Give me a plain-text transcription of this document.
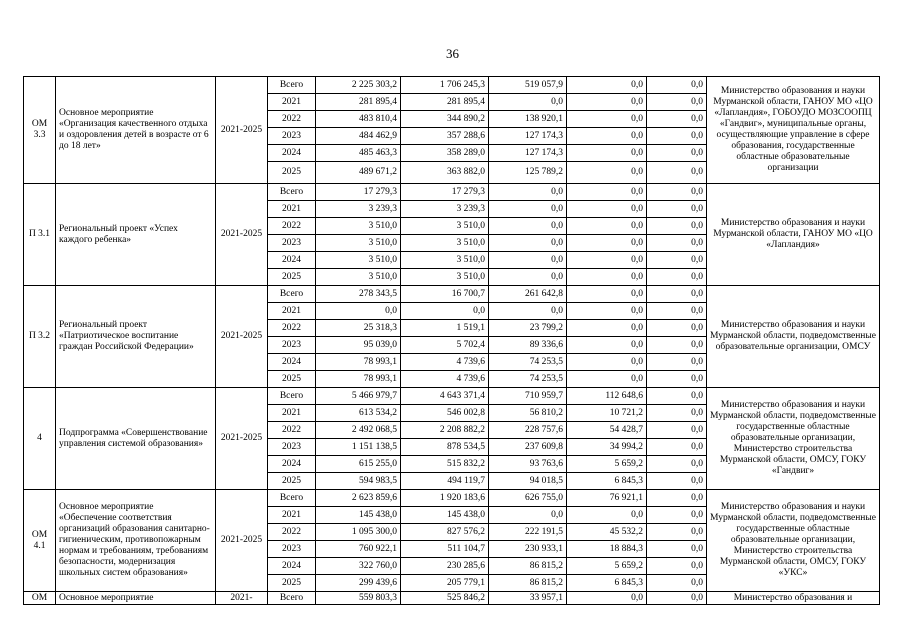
36
ОМ 3.3	Основное мероприятие «Организация качественного отдыха и оздоровления детей в возрасте от 6 до 18 лет»	2021-2025	Всего	2 225 303,2	1 706 245,3	519 057,9	0,0	0,0	Министерство образования и науки Мурманской области, ГАНОУ МО «ЦО «Лапландия», ГОБОУДО МОЗСООПЦ «Гандвиг», муниципальные органы, осуществляющие управление в сфере образования, государственные областные образовательные организации
			2021	281 895,4	281 895,4	0,0	0,0	0,0	
			2022	483 810,4	344 890,2	138 920,1	0,0	0,0	
			2023	484 462,9	357 288,6	127 174,3	0,0	0,0	
			2024	485 463,3	358 289,0	127 174,3	0,0	0,0	
			2025	489 671,2	363 882,0	125 789,2	0,0	0,0	
П 3.1	Региональный проект «Успех каждого ребенка»	2021-2025	Всего	17 279,3	17 279,3	0,0	0,0	0,0	Министерство образования и науки Мурманской области, ГАНОУ МО «ЦО «Лапландия»
			2021	3 239,3	3 239,3	0,0	0,0	0,0	
			2022	3 510,0	3 510,0	0,0	0,0	0,0	
			2023	3 510,0	3 510,0	0,0	0,0	0,0	
			2024	3 510,0	3 510,0	0,0	0,0	0,0	
			2025	3 510,0	3 510,0	0,0	0,0	0,0	
П 3.2	Региональный проект «Патриотическое воспитание граждан Российской Федерации»	2021-2025	Всего	278 343,5	16 700,7	261 642,8	0,0	0,0	Министерство образования и науки Мурманской области, подведомственные образовательные организации, ОМСУ
			2021	0,0	0,0	0,0	0,0	0,0	
			2022	25 318,3	1 519,1	23 799,2	0,0	0,0	
			2023	95 039,0	5 702,4	89 336,6	0,0	0,0	
			2024	78 993,1	4 739,6	74 253,5	0,0	0,0	
			2025	78 993,1	4 739,6	74 253,5	0,0	0,0	
4	Подпрограмма «Совершенствование управления системой образования»	2021-2025	Всего	5 466 979,7	4 643 371,4	710 959,7	112 648,6	0,0	Министерство образования и науки Мурманской области, подведомственные государственные областные образовательные организации, Министерство строительства Мурманской области, ОМСУ, ГОКУ «Гандвиг»
			2021	613 534,2	546 002,8	56 810,2	10 721,2	0,0	
			2022	2 492 068,5	2 208 882,2	228 757,6	54 428,7	0,0	
			2023	1 151 138,5	878 534,5	237 609,8	34 994,2	0,0	
			2024	615 255,0	515 832,2	93 763,6	5 659,2	0,0	
			2025	594 983,5	494 119,7	94 018,5	6 845,3	0,0	
ОМ 4.1	Основное мероприятие «Обеспечение соответствия организаций образования санитарно-гигиеническим, противопожарным нормам и требованиям, требованиям безопасности, модернизация школьных систем образования»	2021-2025	Всего	2 623 859,6	1 920 183,6	626 755,0	76 921,1	0,0	Министерство образования и науки Мурманской области, подведомственные государственные областные образовательные организации, Министерство строительства Мурманской области, ОМСУ, ГОКУ «УКС»
			2021	145 438,0	145 438,0	0,0	0,0	0,0	
			2022	1 095 300,0	827 576,2	222 191,5	45 532,2	0,0	
			2023	760 922,1	511 104,7	230 933,1	18 884,3	0,0	
			2024	322 760,0	230 285,6	86 815,2	5 659,2	0,0	
			2025	299 439,6	205 779,1	86 815,2	6 845,3	0,0	
ОМ	Основное мероприятие	2021-	Всего	559 803,3	525 846,2	33 957,1	0,0	0,0	Министерство образования и
